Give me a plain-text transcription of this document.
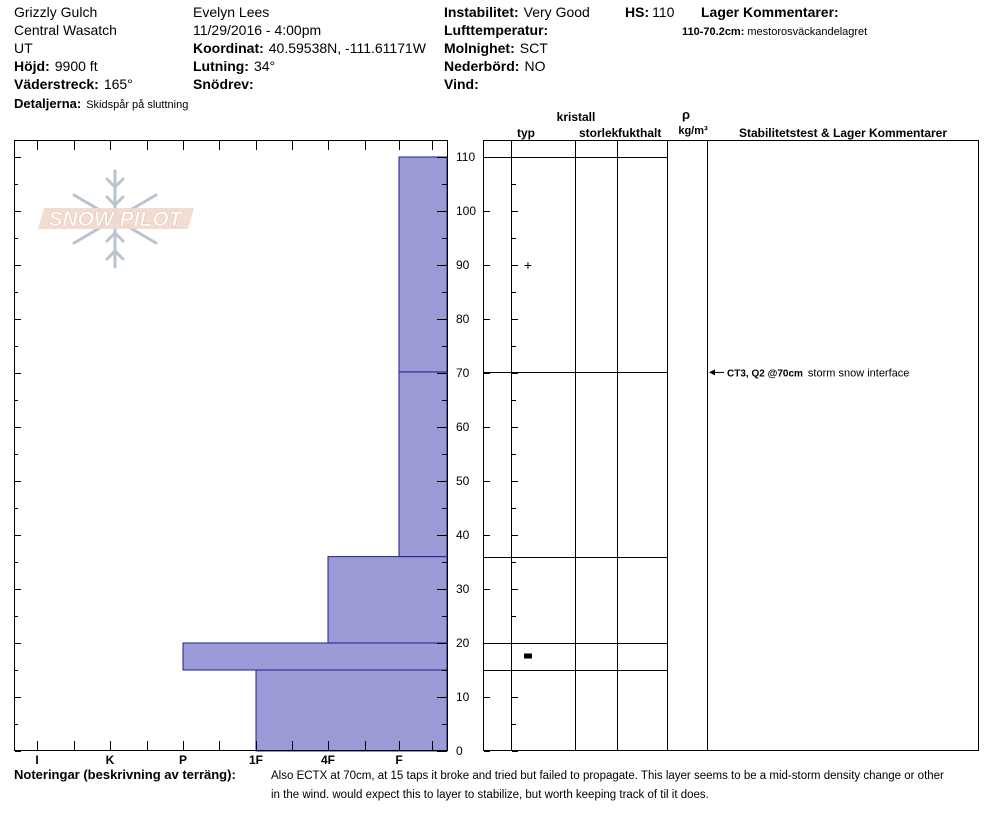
Grizzly Gulch
Central Wasatch
UT
Höjd: 9900 ft
Väderstreck: 165°
Detaljerna: Skidspår på sluttning
Evelyn Lees
11/29/2016 - 4:00pm
Koordinat: 40.59538N, -111.61171W
Lutning: 34°
Snödrev:
Instabilitet: Very Good
Lufttemperatur:
Molnighet: SCT
Nederbörd: NO
Vind:
HS: 110 Lager Kommentarer:
110-70.2cm: mestorosväckandelagret
SNOW PILOT
0
10
20
30
40
50
60
70
80
90
100
110
I	K	P	1F	4F	F
+
CT3, Q2 @70cm storm snow interface
kristall
typ	storlek fukthalt
ρ
kg/m³	Stabilitetstest & Lager Kommentarer
Noteringar (beskrivning av terräng):	Also ECTX at 70cm, at 15 taps it broke and tried but failed to propagate. This layer seems to be a mid-storm density change or other
in the wind. would expect this to layer to stabilize, but worth keeping track of til it does.
